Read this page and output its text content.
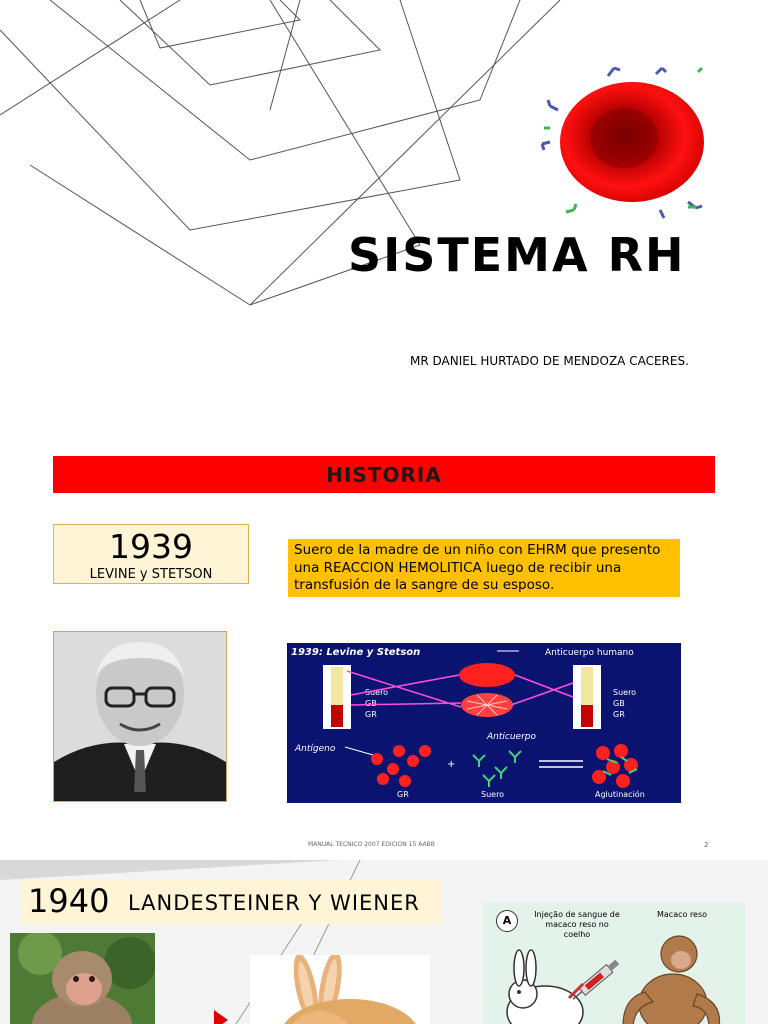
SISTEMA RH
MR DANIEL HURTADO DE MENDOZA CACERES.
HISTORIA
1939
LEVINE y STETSON
Suero de la madre de un niño con EHRM que presento una REACCION HEMOLITICA luego de recibir una transfusión de la sangre de su esposo.
1939: Levine y Stetson	Anticuerpo humano
Suero
GB
GR
Suero
GB
GR
Antígeno
+
Anticuerpo
GR	Suero	Aglutinación
MANUAL TECNICO 2007 EDICION 15 AABB	2
1940 LANDESTEINER Y WIENER
A	Injeção de sangue de macaco reso no coelho
Macaco reso
